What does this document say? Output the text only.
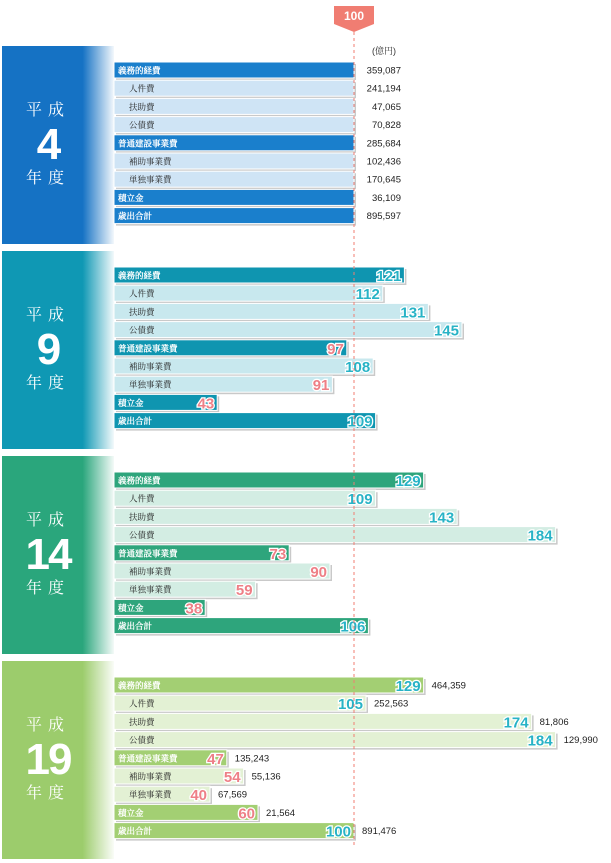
義務的経費	359,087
人件費	241,194
扶助費	47,065
公債費	70,828
普通建設事業費	285,684
補助事業費	102,436
単独事業費	170,645
積立金	36,109
歳出合計	895,597
義務的経費	121
人件費	112
扶助費	131
公債費	145
普通建設事業費	97
補助事業費	108
単独事業費	91
積立金	43
歳出合計	109
義務的経費	129
人件費	109
扶助費	143
公債費	184
普通建設事業費	73
補助事業費	90
単独事業費	59
積立金	38
歳出合計	106
義務的経費	129 464,359
人件費	105 252,563
扶助費	174 81,806
公債費	184 129,990
普通建設事業費 47 135,243
補助事業費	54 55,136
単独事業費 40 67,569
積立金	60 21,564
歳出合計	100 891,476
100
(億円)
平成
4
年度
平成
9
年度
平成
14
年度
平成
19
年度
